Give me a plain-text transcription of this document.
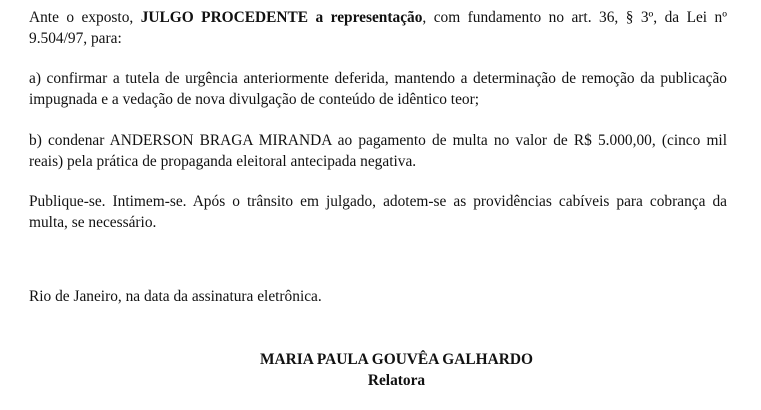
Ante o exposto, JULGO PROCEDENTE a representação, com fundamento no art. 36, § 3º, da Lei nº 9.504/97, para:

a) confirmar a tutela de urgência anteriormente deferida, mantendo a determinação de remoção da publicação impugnada e a vedação de nova divulgação de conteúdo de idêntico teor;

b) condenar ANDERSON BRAGA MIRANDA ao pagamento de multa no valor de R$ 5.000,00, (cinco mil reais) pela prática de propaganda eleitoral antecipada negativa.

Publique-se. Intimem-se. Após o trânsito em julgado, adotem-se as providências cabíveis para cobrança da multa, se necessário.

Rio de Janeiro, na data da assinatura eletrônica.

MARIA PAULA GOUVÊA GALHARDO
Relatora
